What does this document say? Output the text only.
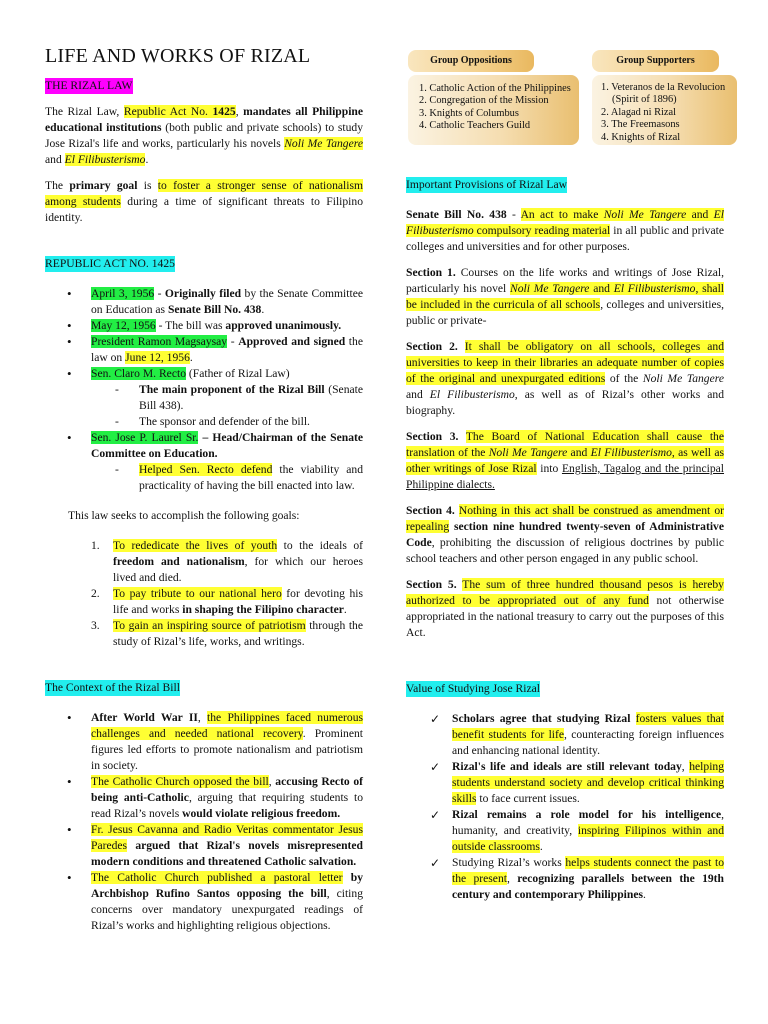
LIFE AND WORKS OF RIZAL
THE RIZAL LAW

The Rizal Law, Republic Act No. 1425, mandates all Philippine educational institutions (both public and private schools) to study Jose Rizal's life and works, particularly his novels Noli Me Tangere and El Filibusterismo.

The primary goal is to foster a stronger sense of nationalism among students during a time of significant threats to Filipino identity.

REPUBLIC ACT NO. 1425
• April 3, 1956 - Originally filed by the Senate Committee on Education as Senate Bill No. 438.
• May 12, 1956 - The bill was approved unanimously.
• President Ramon Magsaysay - Approved and signed the law on June 12, 1956.
• Sen. Claro M. Recto (Father of Rizal Law)
- The main proponent of the Rizal Bill (Senate Bill 438).
- The sponsor and defender of the bill.
• Sen. Jose P. Laurel Sr. – Head/Chairman of the Senate Committee on Education.
- Helped Sen. Recto defend the viability and practicality of having the bill enacted into law.

This law seeks to accomplish the following goals:

1. To rededicate the lives of youth to the ideals of freedom and nationalism, for which our heroes lived and died.
2. To pay tribute to our national hero for devoting his life and works in shaping the Filipino character.
3. To gain an inspiring source of patriotism through the study of Rizal’s life, works, and writings.
The Context of the Rizal Bill
• After World War II, the Philippines faced numerous challenges and needed national recovery. Prominent figures led efforts to promote nationalism and patriotism in society.
• The Catholic Church opposed the bill, accusing Recto of being anti-Catholic, arguing that requiring students to read Rizal’s novels would violate religious freedom.
• Fr. Jesus Cavanna and Radio Veritas commentator Jesus Paredes argued that Rizal's novels misrepresented modern conditions and threatened Catholic salvation.
• The Catholic Church published a pastoral letter by Archbishop Rufino Santos opposing the bill, citing concerns over mandatory unexpurgated readings of Rizal’s works and highlighting religious objections.
Group Oppositions	Group Supporters
1. Catholic Action of the Philippines
2. Congregation of the Mission
3. Knights of Columbus
4. Catholic Teachers Guild
1. Veteranos de la Revolucion
(Spirit of 1896)
2. Alagad ni Rizal
3. The Freemasons
4. Knights of Rizal
Important Provisions of Rizal Law

Senate Bill No. 438 - An act to make Noli Me Tangere and El Filibusterismo compulsory reading material in all public and private colleges and universities and for other purposes.

Section 1. Courses on the life works and writings of Jose Rizal, particularly his novel Noli Me Tangere and El Filibusterismo, shall be included in the curricula of all schools, colleges and universities, public or private-

Section 2. It shall be obligatory on all schools, colleges and universities to keep in their libraries an adequate number of copies of the original and unexpurgated editions of the Noli Me Tangere and El Filibusterismo, as well as of Rizal’s other works and biography.

Section 3. The Board of National Education shall cause the translation of the Noli Me Tangere and El Filibusterismo, as well as other writings of Jose Rizal into English, Tagalog and the principal Philippine dialects.

Section 4. Nothing in this act shall be construed as amendment or repealing section nine hundred twenty-seven of Administrative Code, prohibiting the discussion of religious doctrines by public school teachers and other person engaged in any public school.

Section 5. The sum of three hundred thousand pesos is hereby authorized to be appropriated out of any fund not otherwise appropriated in the national treasury to carry out the purposes of this Act.

Value of Studying Jose Rizal
✓ Scholars agree that studying Rizal fosters values that benefit students for life, counteracting foreign influences and enhancing national identity.
✓ Rizal's life and ideals are still relevant today, helping students understand society and develop critical thinking skills to face current issues.
✓ Rizal remains a role model for his intelligence, humanity, and creativity, inspiring Filipinos within and outside classrooms.
✓ Studying Rizal’s works helps students connect the past to the present, recognizing parallels between the 19th century and contemporary Philippines.
